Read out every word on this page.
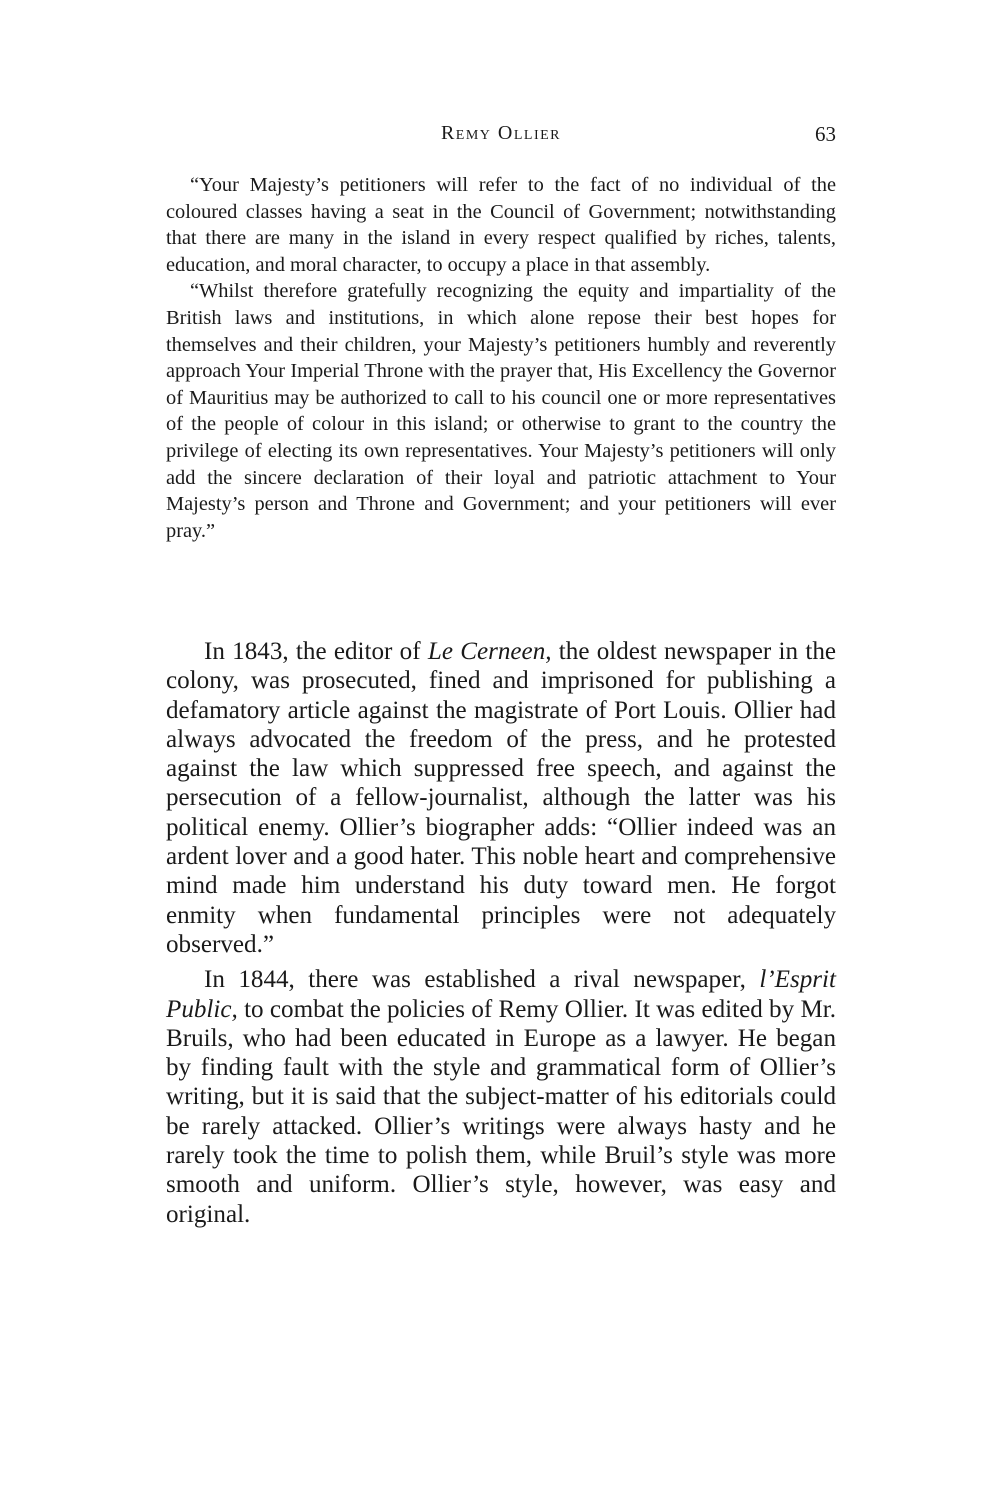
Remy Ollier	63

“Your Majesty’s petitioners will refer to the fact of no individual of the coloured classes having a seat in the Council of Government; notwithstanding that there are many in the island in every respect qualified by riches, talents, education, and moral character, to occupy a place in that assembly.

“Whilst therefore gratefully recognizing the equity and impartiality of the British laws and institutions, in which alone repose their best hopes for themselves and their children, your Majesty’s petitioners humbly and reverently approach Your Imperial Throne with the prayer that, His Excellency the Governor of Mauritius may be authorized to call to his council one or more representatives of the people of colour in this island; or otherwise to grant to the country the privilege of electing its own representatives. Your Majesty’s petitioners will only add the sincere declaration of their loyal and patriotic attachment to Your Majesty’s person and Throne and Government; and your petitioners will ever pray.”

In 1843, the editor of Le Cerneen, the oldest newspaper in the colony, was prosecuted, fined and imprisoned for publishing a defamatory article against the magistrate of Port Louis. Ollier had always advocated the freedom of the press, and he protested against the law which suppressed free speech, and against the persecution of a fellow-journalist, although the latter was his political enemy. Ollier’s biographer adds: “Ollier indeed was an ardent lover and a good hater. This noble heart and comprehensive mind made him understand his duty toward men. He forgot enmity when fundamental principles were not adequately observed.”

In 1844, there was established a rival newspaper, l’Esprit Public, to combat the policies of Remy Ollier. It was edited by Mr. Bruils, who had been educated in Europe as a lawyer. He began by finding fault with the style and grammatical form of Ollier’s writing, but it is said that the subject-matter of his editorials could be rarely attacked. Ollier’s writings were always hasty and he rarely took the time to polish them, while Bruil’s style was more smooth and uniform. Ollier’s style, however, was easy and original.
